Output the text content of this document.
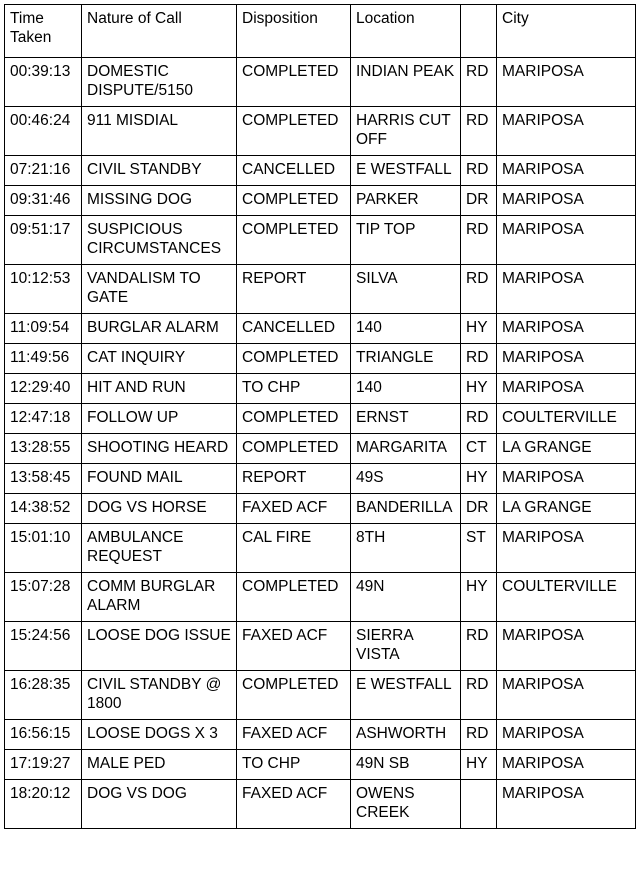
Time Taken	Nature of Call	Disposition	Location		City
00:39:13	DOMESTIC DISPUTE/5150	COMPLETED	INDIAN PEAK	RD	MARIPOSA
00:46:24	911 MISDIAL	COMPLETED	HARRIS CUT OFF	RD	MARIPOSA
07:21:16	CIVIL STANDBY	CANCELLED	E WESTFALL	RD	MARIPOSA
09:31:46	MISSING DOG	COMPLETED	PARKER	DR	MARIPOSA
09:51:17	SUSPICIOUS CIRCUMSTANCES	COMPLETED	TIP TOP	RD	MARIPOSA
10:12:53	VANDALISM TO GATE	REPORT	SILVA	RD	MARIPOSA
11:09:54	BURGLAR ALARM	CANCELLED	140	HY	MARIPOSA
11:49:56	CAT INQUIRY	COMPLETED	TRIANGLE	RD	MARIPOSA
12:29:40	HIT AND RUN	TO CHP	140	HY	MARIPOSA
12:47:18	FOLLOW UP	COMPLETED	ERNST	RD	COULTERVILLE
13:28:55	SHOOTING HEARD	COMPLETED	MARGARITA	CT	LA GRANGE
13:58:45	FOUND MAIL	REPORT	49S	HY	MARIPOSA
14:38:52	DOG VS HORSE	FAXED ACF	BANDERILLA	DR	LA GRANGE
15:01:10	AMBULANCE REQUEST	CAL FIRE	8TH	ST	MARIPOSA
15:07:28	COMM BURGLAR ALARM	COMPLETED	49N	HY	COULTERVILLE
15:24:56	LOOSE DOG ISSUE	FAXED ACF	SIERRA VISTA	RD	MARIPOSA
16:28:35	CIVIL STANDBY @ 1800	COMPLETED	E WESTFALL	RD	MARIPOSA
16:56:15	LOOSE DOGS X 3	FAXED ACF	ASHWORTH	RD	MARIPOSA
17:19:27	MALE PED	TO CHP	49N SB	HY	MARIPOSA
18:20:12	DOG VS DOG	FAXED ACF	OWENS CREEK		MARIPOSA
